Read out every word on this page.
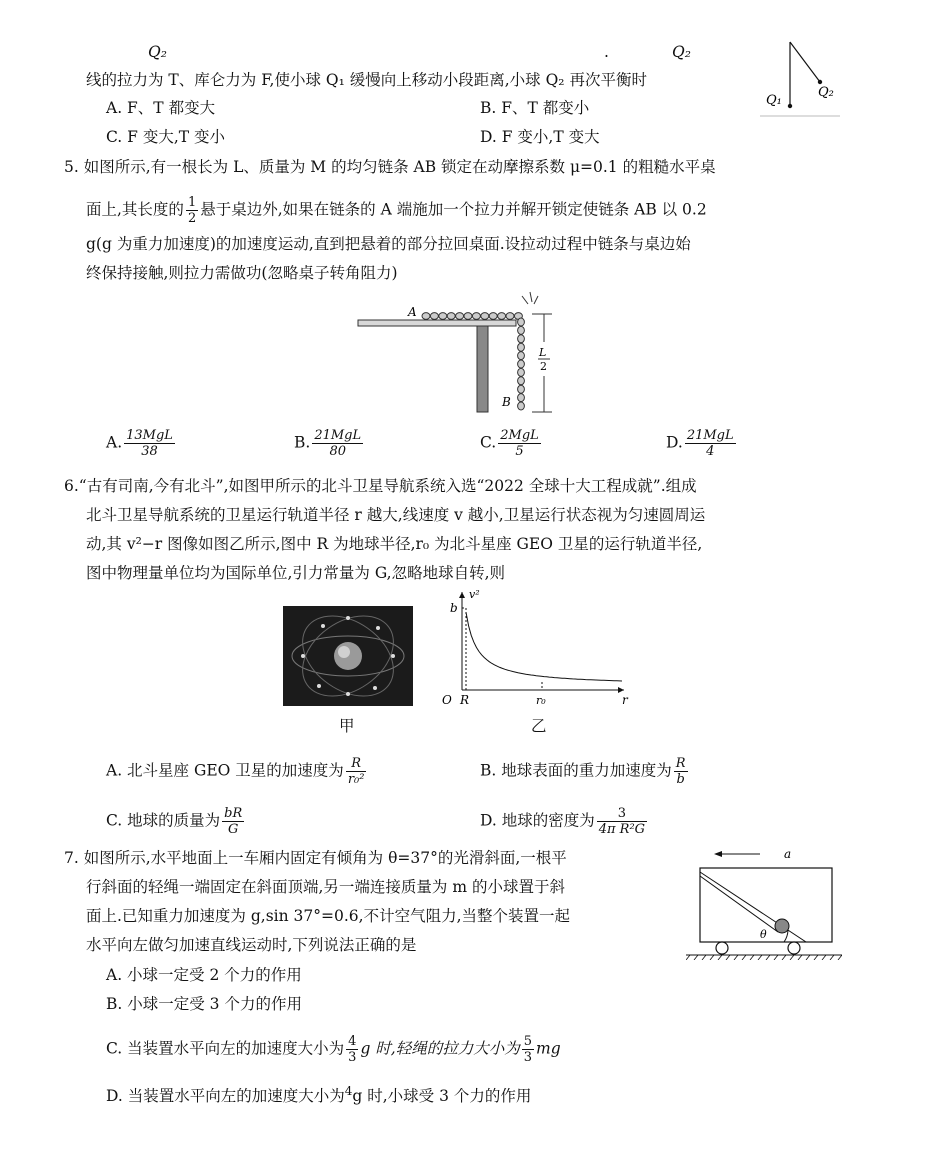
Q₂	.	Q₂
线的拉力为 T、库仑力为 F,使小球 Q₁ 缓慢向上移动小段距离,小球 Q₂ 再次平衡时
A. F、T 都变大	B. F、T 都变小
C. F 变大,T 变小	D. F 变小,T 变大
Q₁
Q₂
5. 如图所示,有一根长为 L、质量为 M 的均匀链条 AB 锁定在动摩擦系数 μ=0.1 的粗糙水平桌
面上,其长度的 $\frac{1}{2}$ 悬于桌边外,如果在链条的 A 端施加一个拉力并解开锁定使链条 AB 以 0.2
g(g 为重力加速度)的加速度运动,直到把悬着的部分拉回桌面.设拉动过程中链条与桌边始
终保持接触,则拉力需做功(忽略桌子转角阻力)
L
2
A
B
A. $\frac{\text{13MgL}}{38}$	B. $\frac{\text{21MgL}}{80}$	C. $\frac{\text{2MgL}}{5}$	D. $\frac{\text{21MgL}}{4}$
6.“古有司南,今有北斗”,如图甲所示的北斗卫星导航系统入选“2022 全球十大工程成就”.组成
北斗卫星导航系统的卫星运行轨道半径 r 越大,线速度 v 越小,卫星运行状态视为匀速圆周运
动,其 v²−r 图像如图乙所示,图中 R 为地球半径,r₀ 为北斗星座 GEO 卫星的运行轨道半径,
图中物理量单位均为国际单位,引力常量为 G,忽略地球自转,则
甲
v²
r
O
b
R	r₀
乙
A. 北斗星座 GEO 卫星的加速度为 $\frac{R}{\text{r₀²}}$	B. 地球表面的重力加速度为 $\frac{R}{b}$
C. 地球的质量为 $\frac{bR}{G}$	D. 地球的密度为 $\frac{3}{\text{4π R²G}}$
7. 如图所示,水平地面上一车厢内固定有倾角为 θ=37°的光滑斜面,一根平
行斜面的轻绳一端固定在斜面顶端,另一端连接质量为 m 的小球置于斜
面上.已知重力加速度为 g,sin 37°=0.6,不计空气阻力,当整个装置一起
水平向左做匀加速直线运动时,下列说法正确的是
a
θ
A. 小球一定受 2 个力的作用
B. 小球一定受 3 个力的作用
C. 当装置水平向左的加速度大小为 $\frac{4}{3}$ g 时,轻绳的拉力大小为 $\frac{5}{3}$ mg
D. 当装置水平向左的加速度大小为4g 时,小球受 3 个力的作用
